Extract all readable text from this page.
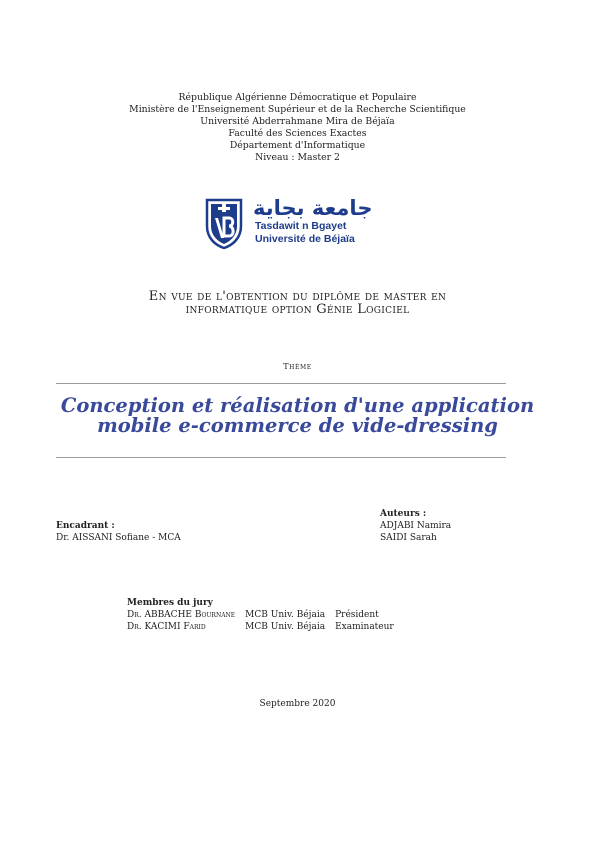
République Algérienne Démocratique et Populaire
Ministère de l'Enseignement Supérieur et de la Recherche Scientifique
Université Abderrahmane Mira de Béjaïa
Faculté des Sciences Exactes
Département d'Informatique
Niveau : Master 2
جامعة بجاية
Tasdawit n Bgayet
Université de Béjaïa
En vue de l'obtention du diplôme de master en
informatique option Génie Logiciel
Thème
Conception et réalisation d'une application
mobile e-commerce de vide-dressing
Encadrant :
Dr. AISSANI Sofiane - MCA
Auteurs :
ADJABI Namira
SAIDI Sarah
Membres du jury
Dr. ABBACHE Bournane	MCB Univ. Béjaia	Président
Dr. KACIMI Farid	MCB Univ. Béjaia	Examinateur
Septembre 2020
